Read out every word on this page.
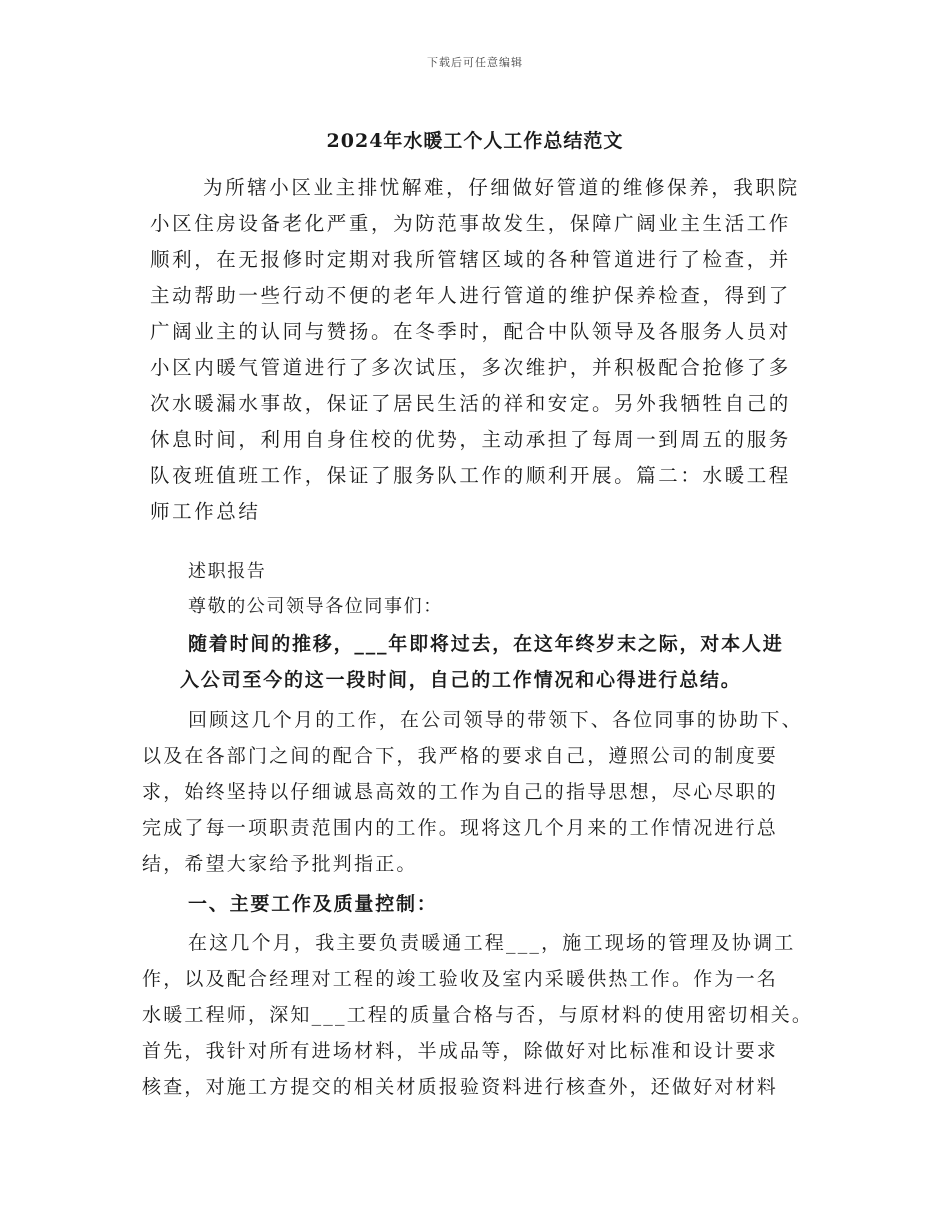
下载后可任意编辑
2024年水暖工个人工作总结范文
为所辖小区业主排忧解难，仔细做好管道的维修保养，我职院
小区住房设备老化严重，为防范事故发生，保障广阔业主生活工作
顺利，在无报修时定期对我所管辖区域的各种管道进行了检查，并
主动帮助一些行动不便的老年人进行管道的维护保养检查，得到了
广阔业主的认同与赞扬。在冬季时，配合中队领导及各服务人员对
小区内暖气管道进行了多次试压，多次维护，并积极配合抢修了多
次水暖漏水事故，保证了居民生活的祥和安定。另外我牺牲自己的
休息时间，利用自身住校的优势，主动承担了每周一到周五的服务
队夜班值班工作，保证了服务队工作的顺利开展。篇二：水暖工程
师工作总结
述职报告
尊敬的公司领导各位同事们：
随着时间的推移，___年即将过去，在这年终岁末之际，对本人进
入公司至今的这一段时间，自己的工作情况和心得进行总结。
回顾这几个月的工作，在公司领导的带领下、各位同事的协助下、
以及在各部门之间的配合下，我严格的要求自己，遵照公司的制度要
求，始终坚持以仔细诚恳高效的工作为自己的指导思想，尽心尽职的
完成了每一项职责范围内的工作。现将这几个月来的工作情况进行总
结，希望大家给予批判指正。
一、主要工作及质量控制：
在这几个月，我主要负责暖通工程___，施工现场的管理及协调工
作，以及配合经理对工程的竣工验收及室内采暖供热工作。作为一名
水暖工程师，深知___工程的质量合格与否，与原材料的使用密切相关。
首先，我针对所有进场材料，半成品等，除做好对比标准和设计要求
核查，对施工方提交的相关材质报验资料进行核查外，还做好对材料
